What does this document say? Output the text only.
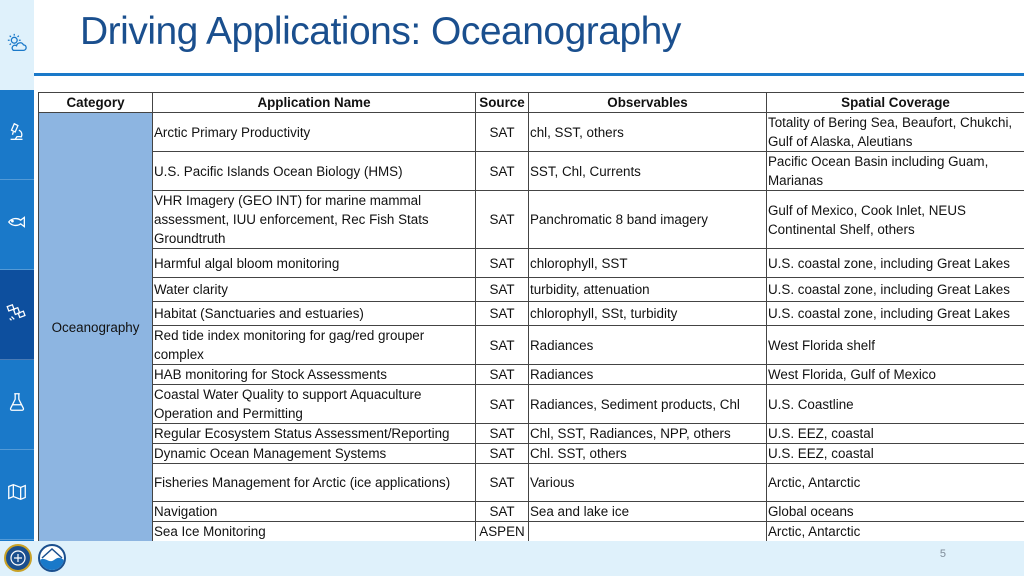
Driving Applications: Oceanography
Category	Application Name	Source	Observables	Spatial Coverage
Oceanography	Arctic Primary Productivity	SAT	chl, SST, others	Totality of Bering Sea, Beaufort, Chukchi, Gulf of Alaska, Aleutians
	U.S. Pacific Islands Ocean Biology (HMS)	SAT	SST, Chl, Currents	Pacific Ocean Basin including Guam, Marianas
	VHR Imagery (GEO INT) for marine mammal assessment, IUU enforcement, Rec Fish Stats Groundtruth	SAT	Panchromatic 8 band imagery	Gulf of Mexico, Cook Inlet, NEUS Continental Shelf, others
	Harmful algal bloom monitoring	SAT	chlorophyll, SST	U.S. coastal zone, including Great Lakes
	Water clarity	SAT	turbidity, attenuation	U.S. coastal zone, including Great Lakes
	Habitat (Sanctuaries and estuaries)	SAT	chlorophyll, SSt, turbidity	U.S. coastal zone, including Great Lakes
	Red tide index monitoring for gag/red grouper complex	SAT	Radiances	West Florida shelf
	HAB monitoring for Stock Assessments	SAT	Radiances	West Florida, Gulf of Mexico
	Coastal Water Quality to support Aquaculture Operation and Permitting	SAT	Radiances, Sediment products, Chl	U.S. Coastline
	Regular Ecosystem Status Assessment/Reporting	SAT	Chl, SST, Radiances, NPP, others	U.S. EEZ, coastal
	Dynamic Ocean Management Systems	SAT	Chl. SST, others	U.S. EEZ, coastal
	Fisheries Management for Arctic (ice applications)	SAT	Various	Arctic, Antarctic
	Navigation	SAT	Sea and lake ice	Global oceans
	Sea Ice Monitoring	ASPEN		Arctic, Antarctic
5
